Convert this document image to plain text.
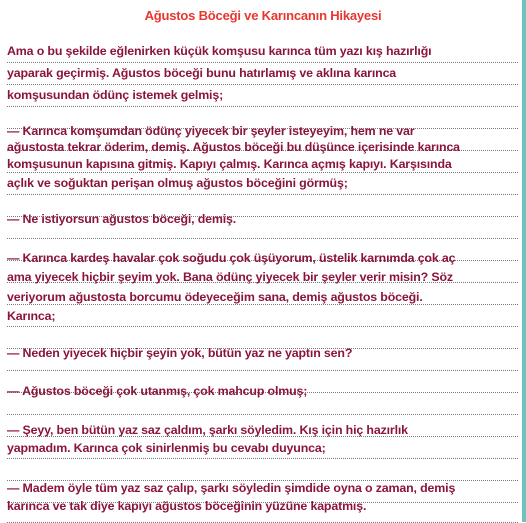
Ağustos Böceği ve Karıncanın Hikayesi
Ama o bu şekilde eğlenirken küçük komşusu karınca tüm yazı kış hazırlığı
yaparak geçirmiş. Ağustos böceği bunu hatırlamış ve aklına karınca
komşusundan ödünç istemek gelmiş;
— Karınca komşumdan ödünç yiyecek bir şeyler isteyeyim, hem ne var
ağustosta tekrar öderim, demiş. Ağustos böceği bu düşünce içerisinde karınca
komşusunun kapısına gitmiş. Kapıyı çalmış. Karınca açmış kapıyı. Karşısında
açlık ve soğuktan perişan olmuş ağustos böceğini görmüş;
— Ne istiyorsun ağustos böceği, demiş.
— Karınca kardeş havalar çok soğudu çok üşüyorum, üstelik karnımda çok aç
ama yiyecek hiçbir şeyim yok. Bana ödünç yiyecek bir şeyler verir misin? Söz
veriyorum ağustosta borcumu ödeyeceğim sana, demiş ağustos böceği.
Karınca;
— Neden yiyecek hiçbir şeyin yok, bütün yaz ne yaptın sen?
— Ağustos böceği çok utanmış, çok mahcup olmuş;
— Şeyy, ben bütün yaz saz çaldım, şarkı söyledim. Kış için hiç hazırlık
yapmadım. Karınca çok sinirlenmiş bu cevabı duyunca;
— Madem öyle tüm yaz saz çalıp, şarkı söyledin şimdide oyna o zaman, demiş
karınca ve tak diye kapıyı ağustos böceğinin yüzüne kapatmış.
